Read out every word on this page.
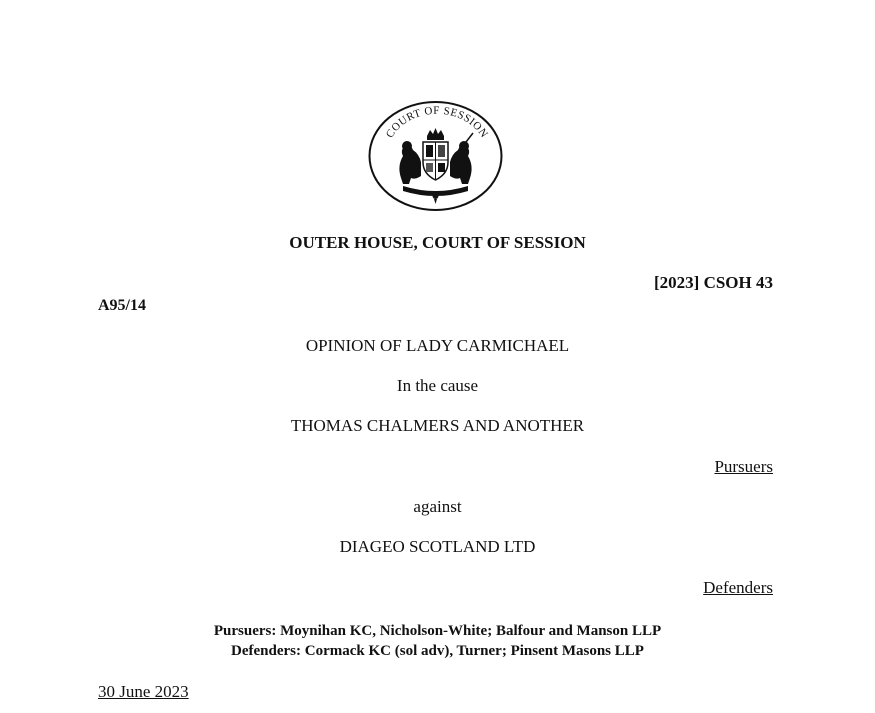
COURT OF SESSION
OUTER HOUSE, COURT OF SESSION
[2023] CSOH 43
A95/14
OPINION OF LADY CARMICHAEL
In the cause
THOMAS CHALMERS AND ANOTHER
Pursuers
against
DIAGEO SCOTLAND LTD
Defenders
Pursuers: Moynihan KC, Nicholson-White; Balfour and Manson LLP
Defenders: Cormack KC (sol adv), Turner; Pinsent Masons LLP
30 June 2023
